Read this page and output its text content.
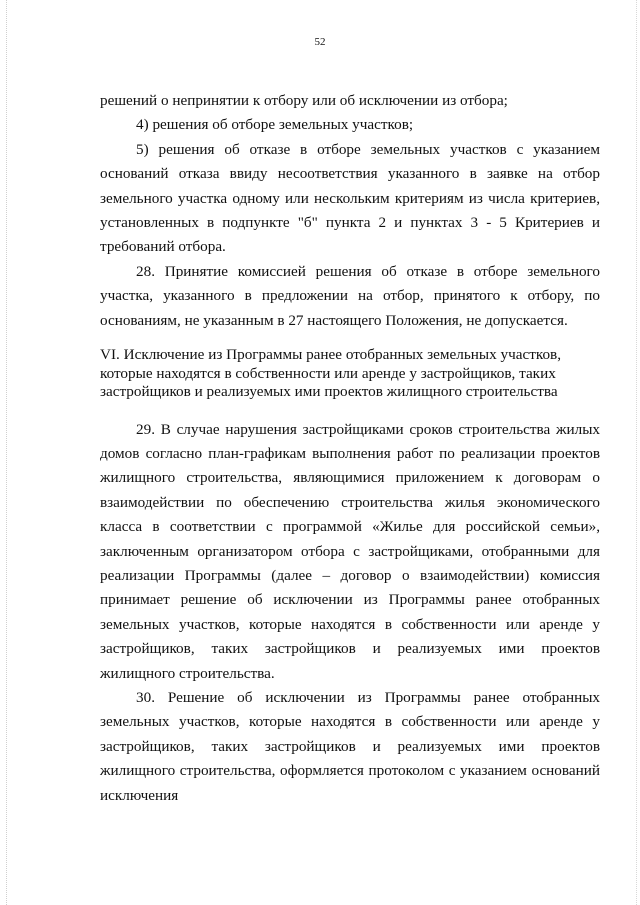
52

решений о непринятии к отбору или об исключении из отбора;

4) решения об отборе земельных участков;

5) решения об отказе в отборе земельных участков с указанием оснований отказа ввиду несоответствия указанного в заявке на отбор земельного участка одному или нескольким критериям из числа критериев, установленных в подпункте "б" пункта 2 и пунктах 3 - 5 Критериев и требований отбора.

28. Принятие комиссией решения об отказе в отборе земельного участка, указанного в предложении на отбор, принятого к отбору, по основаниям, не указанным в 27 настоящего Положения, не допускается.

VI. Исключение из Программы ранее отобранных земельных участков,

которые находятся в собственности или аренде у застройщиков, таких

застройщиков и реализуемых ими проектов жилищного строительства

29. В случае нарушения застройщиками сроков строительства жилых домов согласно план-графикам выполнения работ по реализации проектов жилищного строительства, являющимися приложением к договорам о взаимодействии по обеспечению строительства жилья экономического класса в соответствии с программой «Жилье для российской семьи», заключенным организатором отбора с застройщиками, отобранными для реализации Программы (далее – договор о взаимодействии) комиссия принимает решение об исключении из Программы ранее отобранных земельных участков, которые находятся в собственности или аренде у застройщиков, таких застройщиков и реализуемых ими проектов жилищного строительства.

30. Решение об исключении из Программы ранее отобранных земельных участков, которые находятся в собственности или аренде у застройщиков, таких застройщиков и реализуемых ими проектов жилищного строительства, оформляется протоколом с указанием оснований исключения
